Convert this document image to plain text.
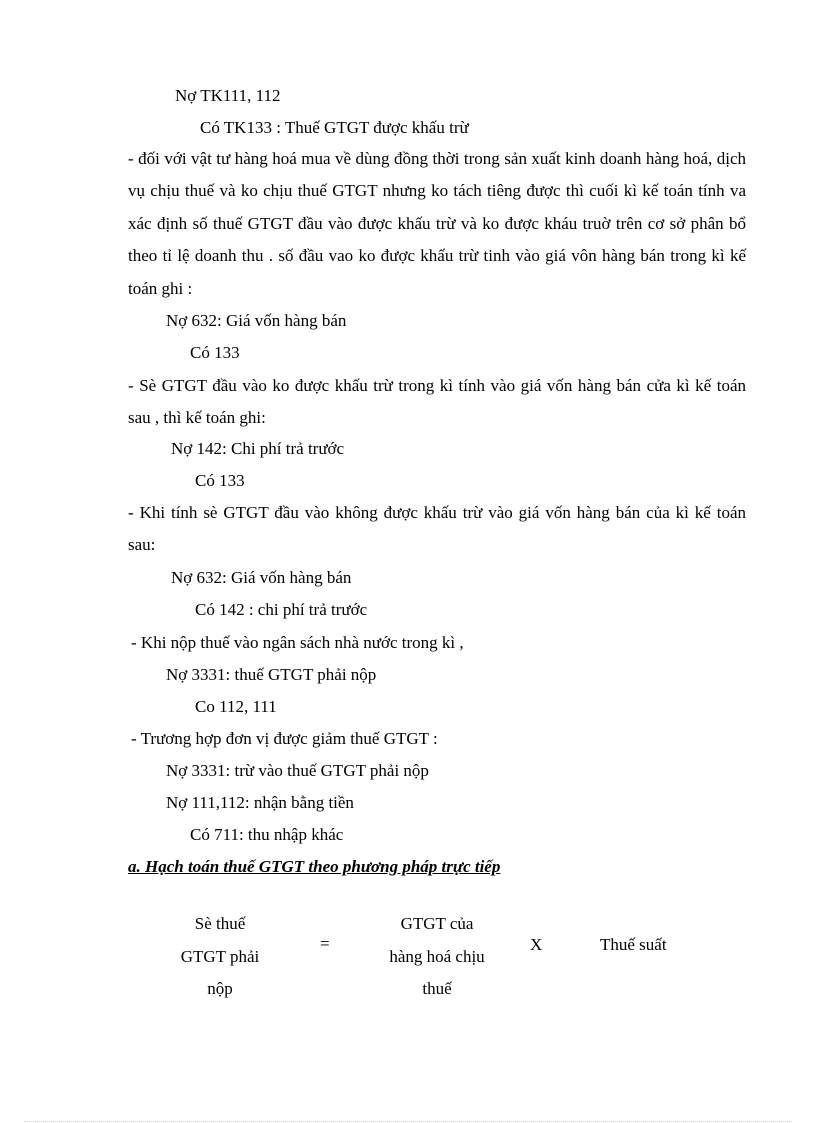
Nợ TK111, 112
Có TK133 : Thuế GTGT được khấu trừ
- đối với vật tư hàng hoá mua về dùng đồng thời trong sản xuất kinh doanh hàng hoá, dịch vụ chịu thuế và ko chịu thuế GTGT nhưng ko tách tiêng được thì cuối kì kế toán tính va xác định số thuế GTGT đầu vào được khấu trừ và ko được kháu truờ trên cơ sở phân bổ theo tỉ lệ doanh thu . số đầu vao ko được khấu trừ tinh vào giá vôn hàng bán trong kì kế toán ghi :
Nợ 632: Giá vốn hàng bán
Có 133
- Sè GTGT đầu vào ko được khấu trừ trong kì tính vào giá vốn hàng bán cửa kì kế toán sau , thì kế toán ghi:
Nợ 142: Chi phí trả trước
Có 133
- Khi tính sè GTGT đầu vào không được khấu trừ vào giá vốn hàng bán của kì kế toán sau:
Nợ 632: Giá vốn hàng bán
Có 142 : chi phí trả trước
- Khi nộp thuế vào ngân sách nhà nước trong kì ,
Nợ 3331: thuế GTGT phải nộp
Co 112, 111
- Trương hợp đơn vị được giảm thuế GTGT :
Nợ 3331: trừ vào thuế GTGT phải nộp
Nợ 111,112: nhận bằng tiền
Có 711: thu nhập khác
a. Hạch toán thuế GTGT theo phương pháp trực tiếp
Sè thuế
GTGT phải
nộp
=
GTGT của
hàng hoá chịu
thuế
X	Thuế suất
